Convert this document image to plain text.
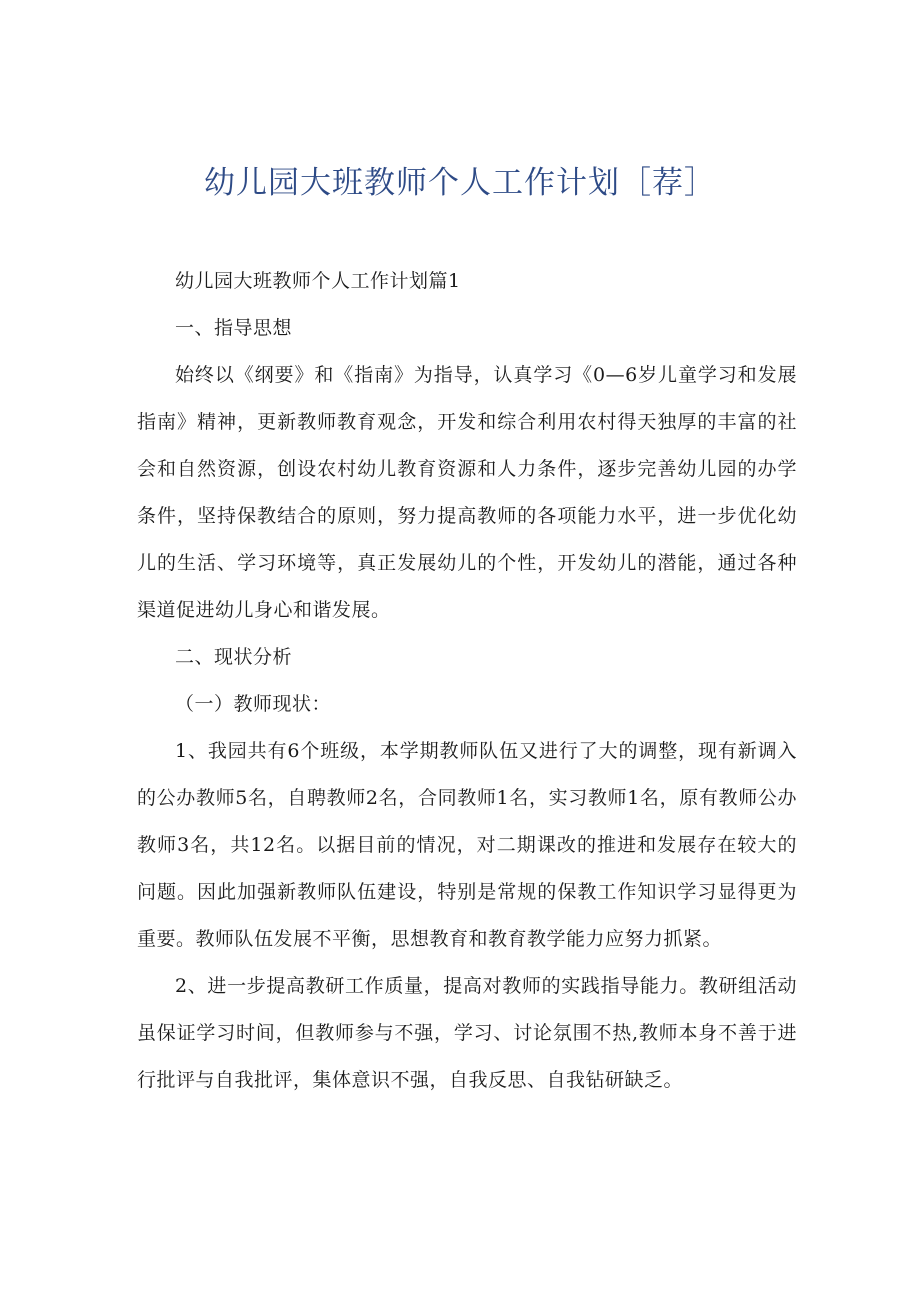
幼儿园大班教师个人工作计划［荐］

幼儿园大班教师个人工作计划篇1

一、指导思想

始终以《纲要》和《指南》为指导，认真学习《0—6岁儿童学习和发展指南》精神，更新教师教育观念，开发和综合利用农村得天独厚的丰富的社会和自然资源，创设农村幼儿教育资源和人力条件，逐步完善幼儿园的办学条件，坚持保教结合的原则，努力提高教师的各项能力水平，进一步优化幼儿的生活、学习环境等，真正发展幼儿的个性，开发幼儿的潜能，通过各种渠道促进幼儿身心和谐发展。

二、现状分析

（一）教师现状：

1、我园共有6个班级，本学期教师队伍又进行了大的调整，现有新调入的公办教师5名，自聘教师2名，合同教师1名，实习教师1名，原有教师公办教师3名，共12名。以据目前的情况，对二期课改的推进和发展存在较大的问题。因此加强新教师队伍建设，特别是常规的保教工作知识学习显得更为重要。教师队伍发展不平衡，思想教育和教育教学能力应努力抓紧。

2、进一步提高教研工作质量，提高对教师的实践指导能力。教研组活动虽保证学习时间，但教师参与不强，学习、讨论氛围不热,教师本身不善于进行批评与自我批评，集体意识不强，自我反思、自我钻研缺乏。
